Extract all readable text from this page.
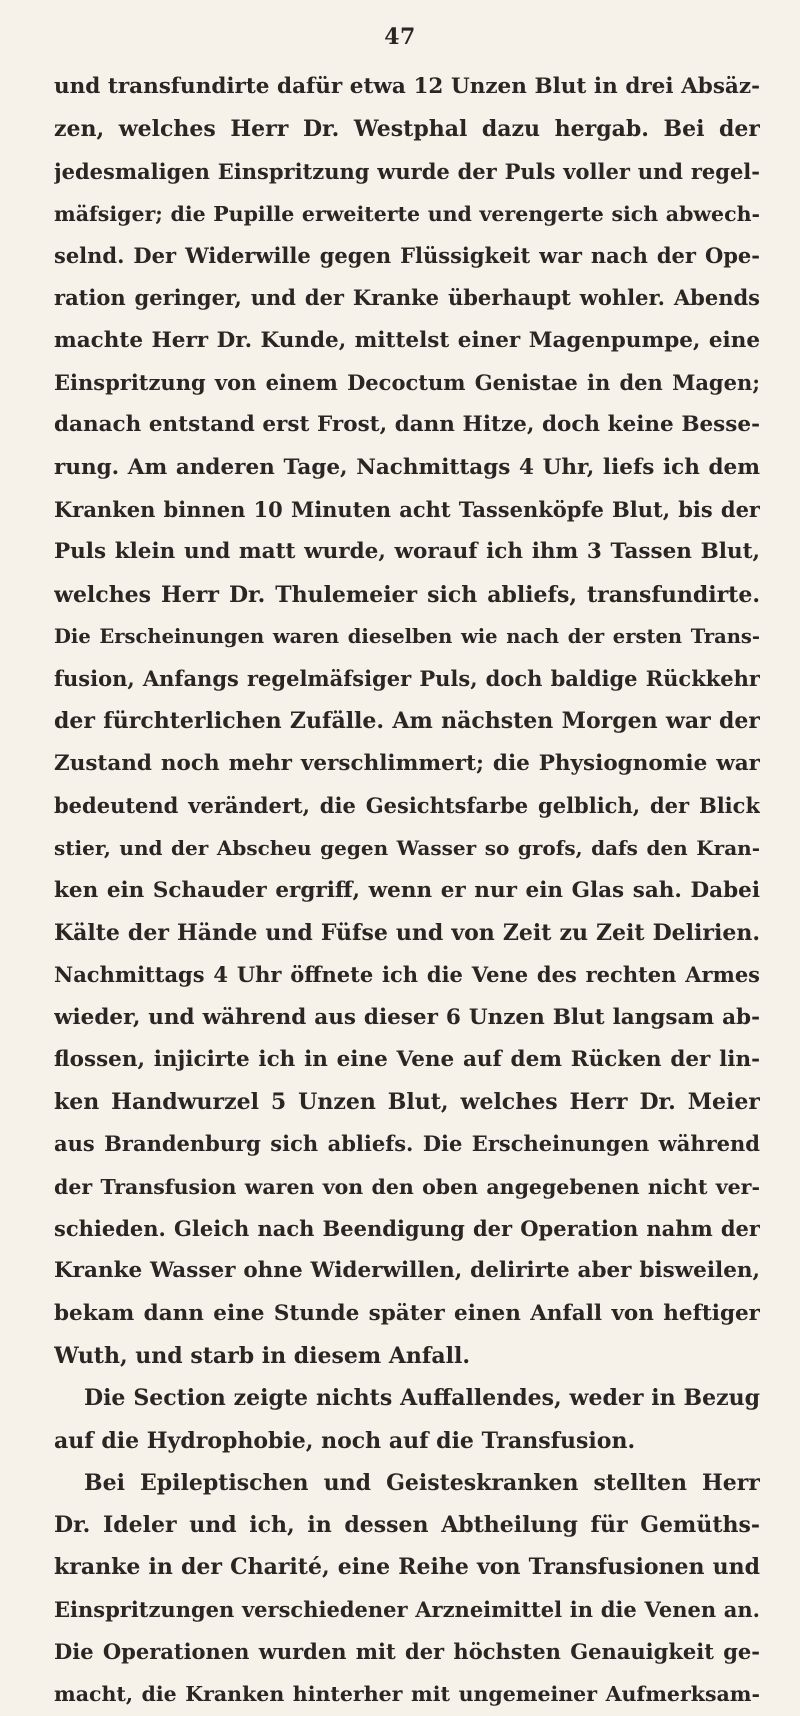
47
und transfundirte dafür etwa 12 Unzen Blut in drei Absäz-
zen, welches Herr Dr. Westphal dazu hergab. Bei der
jedesmaligen Einspritzung wurde der Puls voller und regel-
mäfsiger; die Pupille erweiterte und verengerte sich abwech-
selnd. Der Widerwille gegen Flüssigkeit war nach der Ope-
ration geringer, und der Kranke überhaupt wohler. Abends
machte Herr Dr. Kunde, mittelst einer Magenpumpe, eine
Einspritzung von einem Decoctum Genistae in den Magen;
danach entstand erst Frost, dann Hitze, doch keine Besse-
rung. Am anderen Tage, Nachmittags 4 Uhr, liefs ich dem
Kranken binnen 10 Minuten acht Tassenköpfe Blut, bis der
Puls klein und matt wurde, worauf ich ihm 3 Tassen Blut,
welches Herr Dr. Thulemeier sich abliefs, transfundirte.
Die Erscheinungen waren dieselben wie nach der ersten Trans-
fusion, Anfangs regelmäfsiger Puls, doch baldige Rückkehr
der fürchterlichen Zufälle. Am nächsten Morgen war der
Zustand noch mehr verschlimmert; die Physiognomie war
bedeutend verändert, die Gesichtsfarbe gelblich, der Blick
stier, und der Abscheu gegen Wasser so grofs, dafs den Kran-
ken ein Schauder ergriff, wenn er nur ein Glas sah. Dabei
Kälte der Hände und Füfse und von Zeit zu Zeit Delirien.
Nachmittags 4 Uhr öffnete ich die Vene des rechten Armes
wieder, und während aus dieser 6 Unzen Blut langsam ab-
flossen, injicirte ich in eine Vene auf dem Rücken der lin-
ken Handwurzel 5 Unzen Blut, welches Herr Dr. Meier
aus Brandenburg sich abliefs. Die Erscheinungen während
der Transfusion waren von den oben angegebenen nicht ver-
schieden. Gleich nach Beendigung der Operation nahm der
Kranke Wasser ohne Widerwillen, delirirte aber bisweilen,
bekam dann eine Stunde später einen Anfall von heftiger
Wuth, und starb in diesem Anfall.
Die Section zeigte nichts Auffallendes, weder in Bezug
auf die Hydrophobie, noch auf die Transfusion.
Bei Epileptischen und Geisteskranken stellten Herr
Dr. Ideler und ich, in dessen Abtheilung für Gemüths-
kranke in der Charité, eine Reihe von Transfusionen und
Einspritzungen verschiedener Arzneimittel in die Venen an.
Die Operationen wurden mit der höchsten Genauigkeit ge-
macht, die Kranken hinterher mit ungemeiner Aufmerksam-
